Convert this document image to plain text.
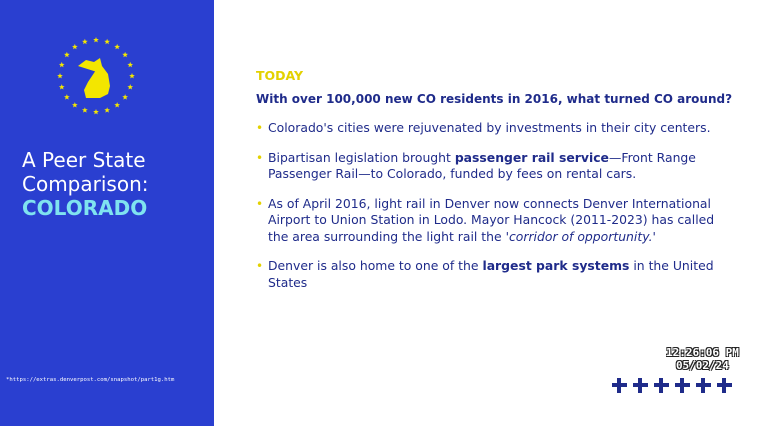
A Peer State
Comparison:
COLORADO
*https://extras.denverpost.com/snapshot/part1g.htm
TODAY
With over 100,000 new CO residents in 2016, what turned CO around?
• Colorado's cities were rejuvenated by investments in their city centers.
• Bipartisan legislation brought passenger rail service—Front Range Passenger Rail—to Colorado, funded by fees on rental cars.
• As of April 2016, light rail in Denver now connects Denver International Airport to Union Station in Lodo. Mayor Hancock (2011-2023) has called the area surrounding the light rail the 'corridor of opportunity.'
• Denver is also home to one of the largest park systems in the United States
12:26:06 PM
05/02/24
